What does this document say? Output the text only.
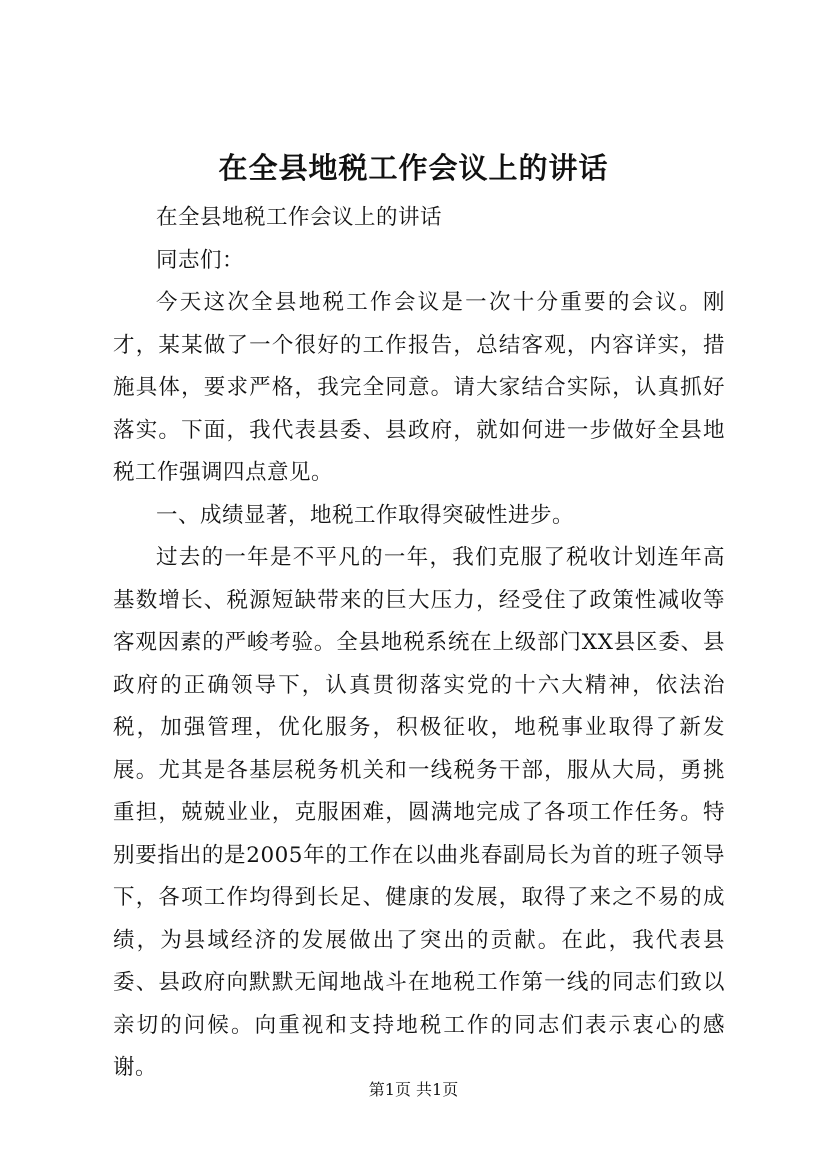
在全县地税工作会议上的讲话

在全县地税工作会议上的讲话

同志们：

今天这次全县地税工作会议是一次十分重要的会议。刚才，某某做了一个很好的工作报告，总结客观，内容详实，措施具体，要求严格，我完全同意。请大家结合实际，认真抓好落实。下面，我代表县委、县政府，就如何进一步做好全县地税工作强调四点意见。

一、成绩显著，地税工作取得突破性进步。

过去的一年是不平凡的一年，我们克服了税收计划连年高基数增长、税源短缺带来的巨大压力，经受住了政策性减收等客观因素的严峻考验。全县地税系统在上级部门XX县区委、县政府的正确领导下，认真贯彻落实党的十六大精神，依法治税，加强管理，优化服务，积极征收，地税事业取得了新发展。尤其是各基层税务机关和一线税务干部，服从大局，勇挑重担，兢兢业业，克服困难，圆满地完成了各项工作任务。特别要指出的是2005年的工作在以曲兆春副局长为首的班子领导下，各项工作均得到长足、健康的发展，取得了来之不易的成绩，为县域经济的发展做出了突出的贡献。在此，我代表县委、县政府向默默无闻地战斗在地税工作第一线的同志们致以亲切的问候。向重视和支持地税工作的同志们表示衷心的感谢。

第1页 共1页
